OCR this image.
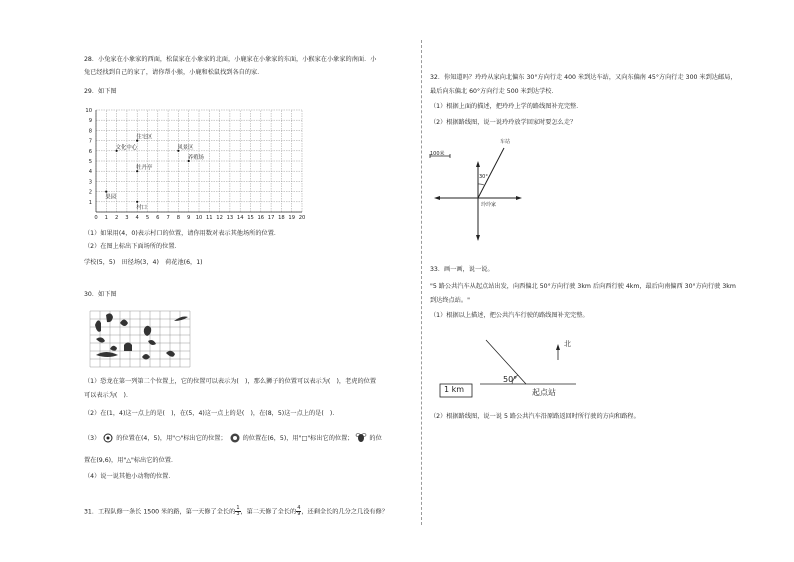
28．小兔家在小象家的西面，松鼠家在小象家的北面，小鹿家在小象家的东面，小猴家在小象家的南面．小
兔已经找到自己的家了，请你帮小猴，小鹿和松鼠找到各自的家．
29．如下图
0 1 2 3 4 5 6 7 8 9 10 11 12 13 14 15 16 17 18 19 20
1
2
3
4
5
6
7
8
9
10
住宅区
文化中心	风景区
养殖场
牡丹亭
果园
村口
（1）如果用(4，0)表示村口的位置，请你用数对表示其他场所的位置．
（2）在图上标出下面场所的位置．
学校(5，5)　田径场(3，4)　荷花池(6，1)
30．如下图
（1）恐龙在第一列第二个位置上，它的位置可以表示为(　)，那么狮子的位置可以表示为(　)，老虎的位置
可以表示为(　)．
（2）在(1，4)这一点上的是(　)，在(5，4)这一点上的是(　)，在(8，5)这一点上的是(　)．
（3）	的位置在(4，5)，用"○"标出它的位置；	的位置在(6，5)，用"□"标出它的位置；	的位
置在(9,6)，用"△"标出它的位置．
（4）说一说其他小动物的位置．
31．工程队修一条长 1500 米的路，第一天修了全长的 $\frac{1}{3}$ ，第二天修了全长的 $\frac{4}{9}$ ，还剩全长的几分之几没有修？
32．你知道吗？玲玲从家向北偏东 30°方向行走 400 米到达车站，又向东偏南 45°方向行走 300 米到达邮局，
最后向东偏北 60°方向行走 500 米到达学校．
（1）根据上面的描述，把玲玲上学的路线图补充完整．
（2）根据路线图，说一说玲玲放学回家时要怎么走？
100米
车站
30°
玲玲家
33．画一画，说一说。
"5 路公共汽车从起点站出发，向西偏北 50°方向行驶 3km 后向西行驶 4km，最后向南偏西 30°方向行驶 3km
到达终点站。"
（1）根据以上描述，把公共汽车行驶的路线图补充完整。
北
50°
1 km	起点站
（2）根据路线图，说一说 5 路公共汽车沿原路返回时所行驶的方向和路程。
